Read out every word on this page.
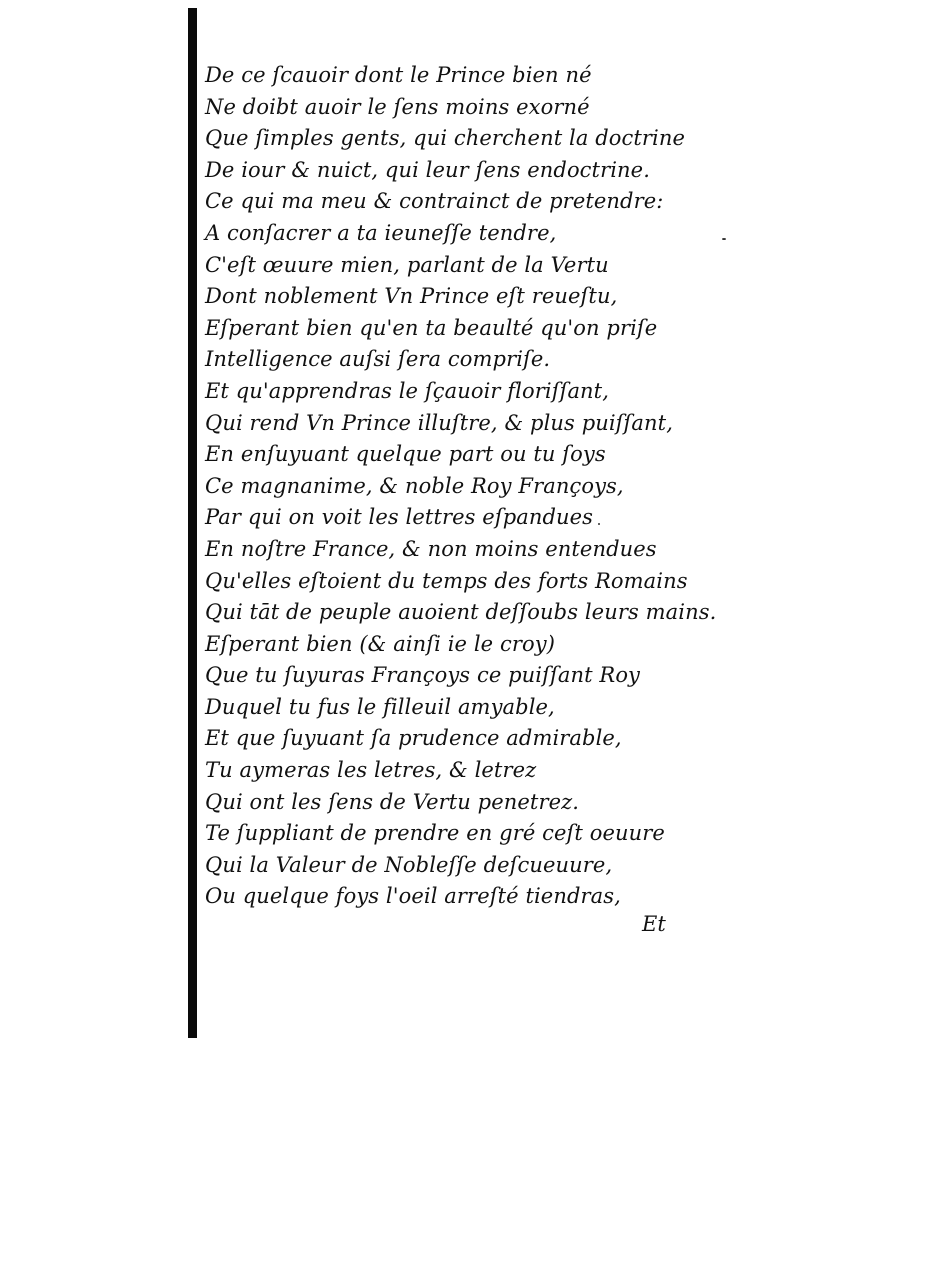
De ce ſcauoir dont le Prince bien né
Ne doibt auoir le ſens moins exorné
Que ſimples gents, qui cherchent la doctrine
De iour & nuict, qui leur ſens endoctrine.
Ce qui ma meu & contrainct de pretendre:
A conſacrer a ta ieuneſſe tendre,
C'eſt œuure mien, parlant de la Vertu
Dont noblement Vn Prince eſt reueſtu,
Eſperant bien qu'en ta beaulté qu'on priſe
Intelligence auſsi ſera compriſe.
Et qu'apprendras le ſçauoir floriſſant,
Qui rend Vn Prince illuſtre, & plus puiſſant,
En enſuyuant quelque part ou tu ſoys
Ce magnanime, & noble Roy Françoys,
Par qui on voit les lettres eſpandues
En noſtre France, & non moins entendues
Qu'elles eſtoient du temps des forts Romains
Qui tāt de peuple auoient deſſoubs leurs mains.
Eſperant bien (& ainſi ie le croy)
Que tu ſuyuras Françoys ce puiſſant Roy
Duquel tu fus le filleuil amyable,
Et que ſuyuant ſa prudence admirable,
Tu aymeras les letres, & letrez
Qui ont les ſens de Vertu penetrez.
Te ſuppliant de prendre en gré ceſt oeuure
Qui la Valeur de Nobleſſe deſcueuure,
Ou quelque foys l'oeil arreſté tiendras,
Et
